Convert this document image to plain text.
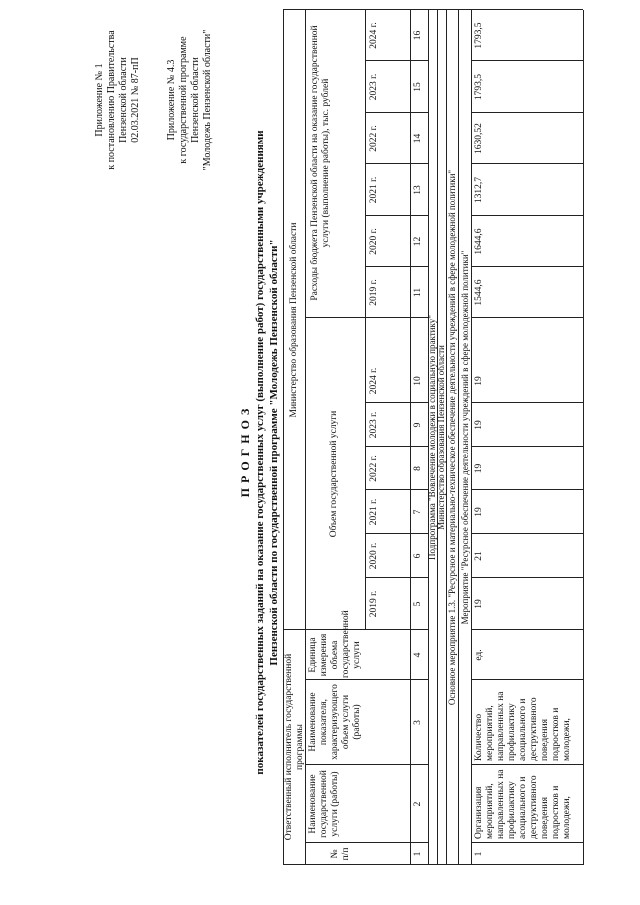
Приложение № 1 к постановлению Правительства Пензенской области 02.03.2021 № 87-пП	Приложение № 4.3 к государственной программе Пензенской области "Молодежь Пензенской области"
П Р О Г Н О З показателей государственных заданий на оказание государственных услуг (выполнение работ) государственными учреждениями Пензенской области по государственной программе "Молодежь Пензенской области"
Ответственный исполнитель государственной программы
Министерство образования Пензенской области
№ п/п
Наименование государственной услуги (работы)
Наименование показателя, характеризующего объем услуги (работы)
Единица измерения объема государственной услуги
Объем государственной услуги
Расходы бюджета Пензенской области на оказание государственной услуги (выполнение работы), тыс. рублей
2019 г.
2020 г.
2021 г.
2022 г.
2023 г.
2024 г.
2019 г.
2020 г.
2021 г.
2022 г.
2023 г.
2024 г.
1
2
3
4
5
6
7
8
9
10
11
12
13
14
15
16
Подпрограмма "Вовлечение молодежи в социальную практику" Министерство образования Пензенской области Основное мероприятие 1.3. "Ресурсное и материально-техническое обеспечение деятельности учреждений в сфере молодежной политики" Мероприятие "Ресурсное обеспечение деятельности учреждений в сфере молодежной политики"
1
Организация мероприятий, направленных на профилактику асоциального и деструктивного поведения подростков и молодежи,
Количество мероприятий, направленных на профилактику асоциального и деструктивного поведения подростков и молодежи,
ед.
19
21
19
19
19
19
1544,6
1644,6
1312,7
1630,52
1793,5
1793,5
